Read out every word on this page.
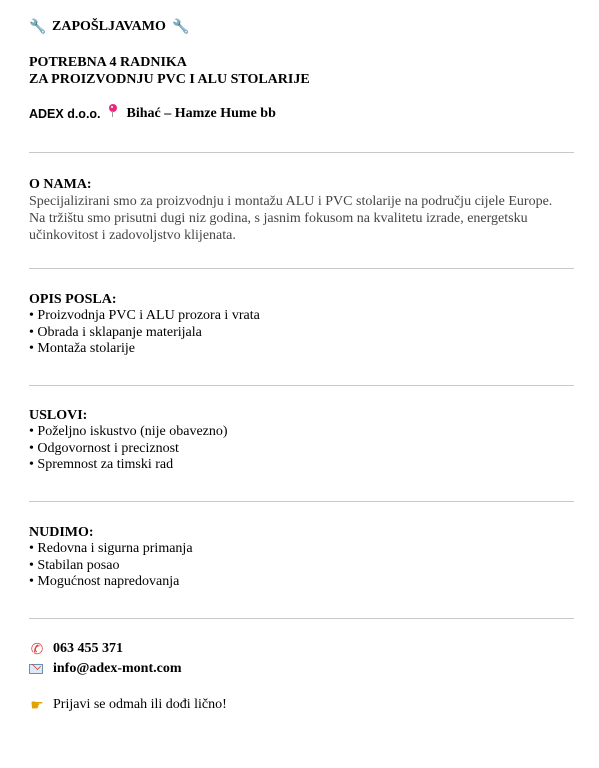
🔧 ZAPOŠLJAVAMO 🔧
POTREBNA 4 RADNIKA
ZA PROIZVODNJU PVC I ALU STOLARIJE
ADEX d.o.o. Bihać – Hamze Hume bb

O NAMA:

Specijalizirani smo za proizvodnju i montažu ALU i PVC stolarije na području cijele Europe.

Na tržištu smo prisutni dugi niz godina, s jasnim fokusom na kvalitetu izrade, energetsku

učinkovitost i zadovoljstvo klijenata.

OPIS POSLA:

• Proizvodnja PVC i ALU prozora i vrata
• Obrada i sklapanje materijala
• Montaža stolarije

USLOVI:

• Poželjno iskustvo (nije obavezno)
• Odgovornost i preciznost
• Spremnost za timski rad

NUDIMO:

• Redovna i sigurna primanja
• Stabilan posao
• Mogućnost napredovanja
✆ 063 455 371
info@adex-mont.com
☛ Prijavi se odmah ili dođi lično!
